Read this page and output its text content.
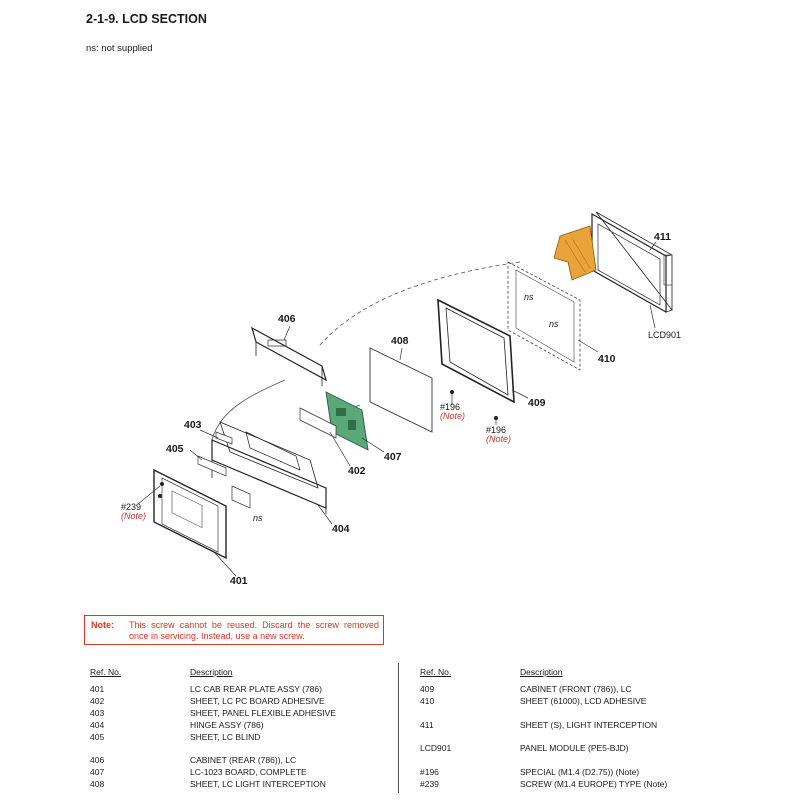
2-1-9. LCD SECTION
ns: not supplied
411
LCD901
410
409
408
406
407
402
403
405
404
401
ns
ns
ns
#196
(Note)
#196
(Note)
#239
(Note)
Note: This screw cannot be reused. Discard the screw removed once in servicing. Instead, use a new screw.
Ref. No.	Description
401	LC CAB REAR PLATE ASSY (786)
402	SHEET, LC PC BOARD ADHESIVE
403	SHEET, PANEL FLEXIBLE ADHESIVE
404	HINGE ASSY (786)
405	SHEET, LC BLIND
406	CABINET (REAR (786)), LC
407	LC-1023 BOARD, COMPLETE
408	SHEET, LC LIGHT INTERCEPTION
Ref. No.	Description
409	CABINET (FRONT (786)), LC
410	SHEET (61000), LCD ADHESIVE
411	SHEET (S), LIGHT INTERCEPTION
LCD901	PANEL MODULE (PE5-BJD)
#196	SPECIAL (M1.4 (D2.75)) (Note)
#239	SCREW (M1.4 EUROPE) TYPE (Note)
